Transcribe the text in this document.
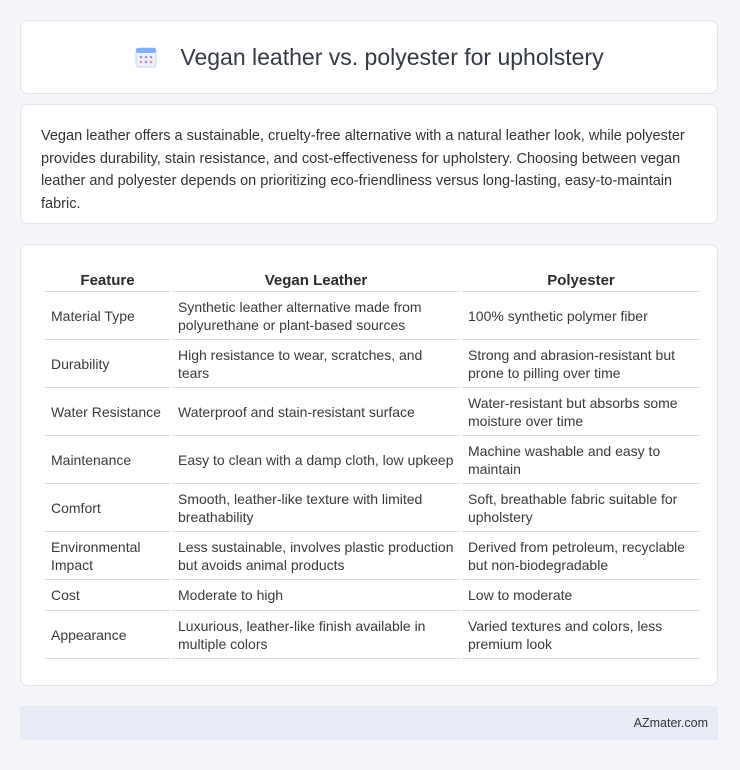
Vegan leather vs. polyester for upholstery

Vegan leather offers a sustainable, cruelty-free alternative with a natural leather look, while polyester provides durability, stain resistance, and cost-effectiveness for upholstery. Choosing between vegan leather and polyester depends on prioritizing eco-friendliness versus long-lasting, easy-to-maintain fabric.

Feature	Vegan Leather	Polyester
Material Type	Synthetic leather alternative made from polyurethane or plant-based sources	100% synthetic polymer fiber
Durability	High resistance to wear, scratches, and tears	Strong and abrasion-resistant but prone to pilling over time
Water Resistance	Waterproof and stain-resistant surface	Water-resistant but absorbs some moisture over time
Maintenance	Easy to clean with a damp cloth, low upkeep	Machine washable and easy to maintain
Comfort	Smooth, leather-like texture with limited breathability	Soft, breathable fabric suitable for upholstery
Environmental Impact	Less sustainable, involves plastic production but avoids animal products	Derived from petroleum, recyclable but non-biodegradable
Cost	Moderate to high	Low to moderate
Appearance	Luxurious, leather-like finish available in multiple colors	Varied textures and colors, less premium look
AZmater.com
